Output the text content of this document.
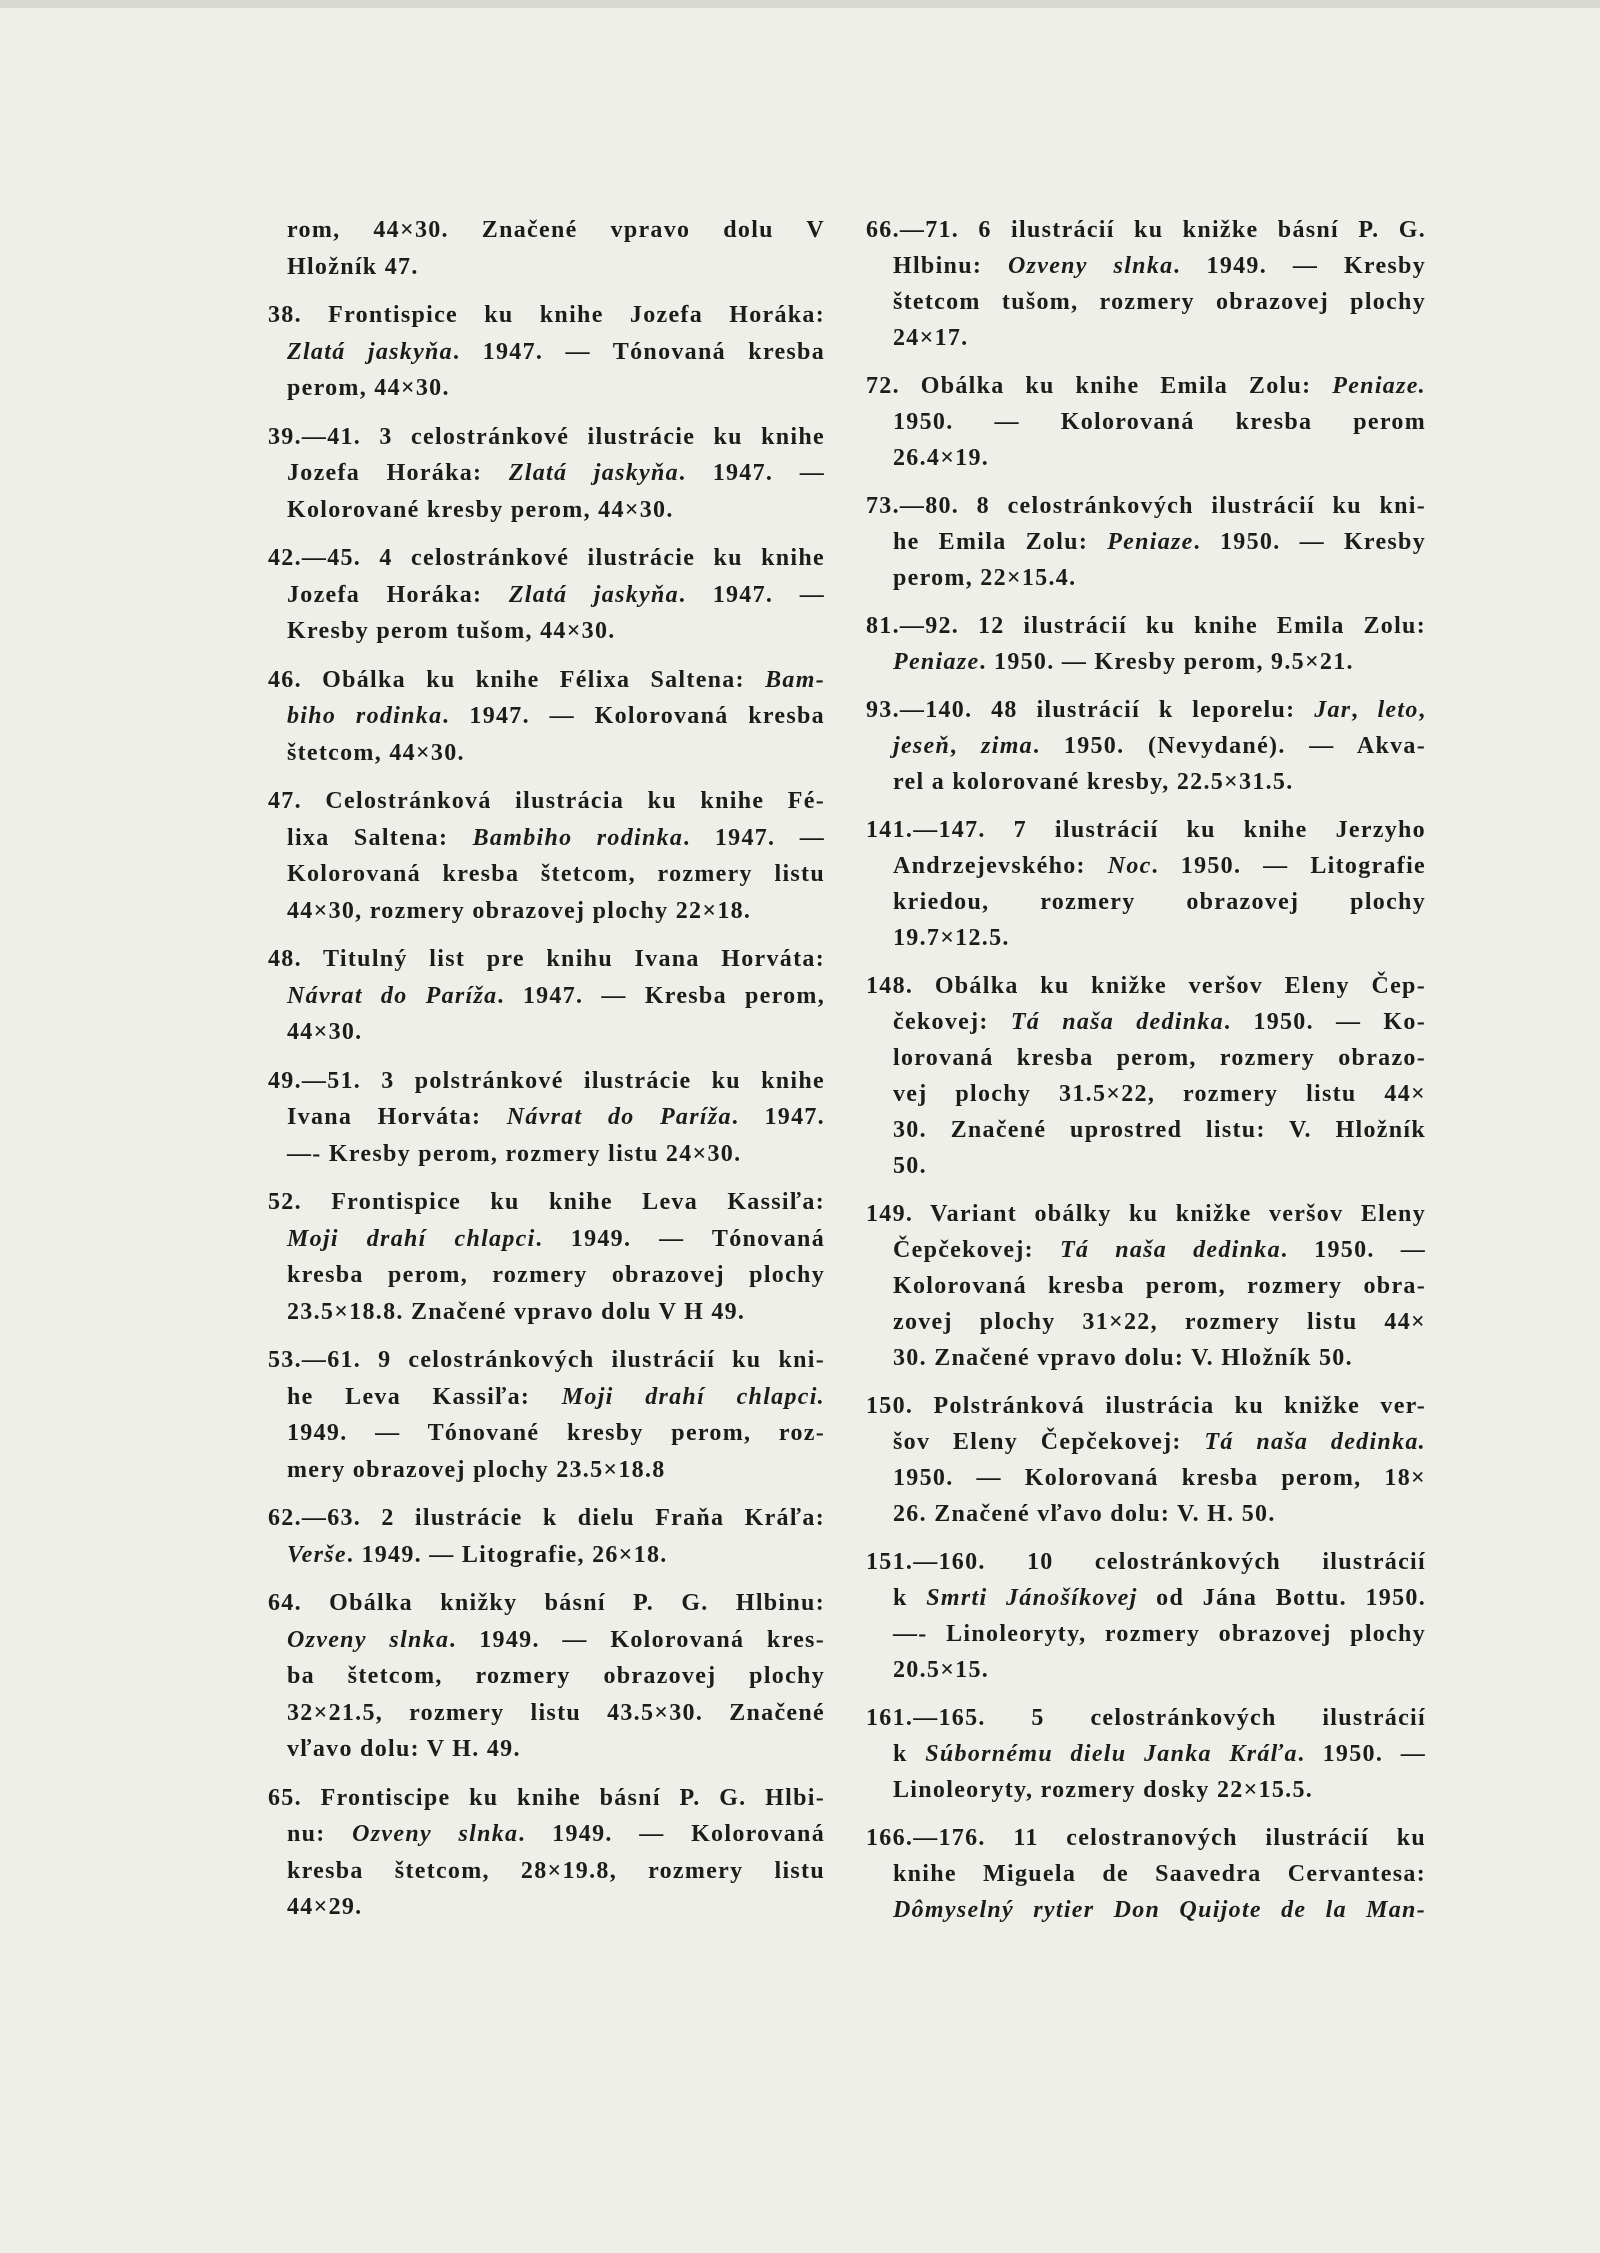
rom, 44×30. Značené vpravo dolu V
Hložník 47.
38. Frontispice ku knihe Jozefa Horáka:
Zlatá jaskyňa. 1947. — Tónovaná kresba
perom, 44×30.
39.—41. 3 celostránkové ilustrácie ku knihe
Jozefa Horáka: Zlatá jaskyňa. 1947. —
Kolorované kresby perom, 44×30.
42.—45. 4 celostránkové ilustrácie ku knihe
Jozefa Horáka: Zlatá jaskyňa. 1947. —
Kresby perom tušom, 44×30.
46. Obálka ku knihe Félixa Saltena: Bam-
biho rodinka. 1947. — Kolorovaná kresba
štetcom, 44×30.
47. Celostránková ilustrácia ku knihe Fé-
lixa Saltena: Bambiho rodinka. 1947. —
Kolorovaná kresba štetcom, rozmery listu
44×30, rozmery obrazovej plochy 22×18.
48. Titulný list pre knihu Ivana Horváta:
Návrat do Paríža. 1947. — Kresba perom,
44×30.
49.—51. 3 polstránkové ilustrácie ku knihe
Ivana Horváta: Návrat do Paríža. 1947.
—- Kresby perom, rozmery listu 24×30.
52. Frontispice ku knihe Leva Kassiľa:
Moji drahí chlapci. 1949. — Tónovaná
kresba perom, rozmery obrazovej plochy
23.5×18.8. Značené vpravo dolu V H 49.
53.—61. 9 celostránkových ilustrácií ku kni-
he Leva Kassiľa: Moji drahí chlapci.
1949. — Tónované kresby perom, roz-
mery obrazovej plochy 23.5×18.8
62.—63. 2 ilustrácie k dielu Fraňa Kráľa:
Verše. 1949. — Litografie, 26×18.
64. Obálka knižky básní P. G. Hlbinu:
Ozveny slnka. 1949. — Kolorovaná kres-
ba štetcom, rozmery obrazovej plochy
32×21.5, rozmery listu 43.5×30. Značené
vľavo dolu: V H. 49.
65. Frontiscipe ku knihe básní P. G. Hlbi-
nu: Ozveny slnka. 1949. — Kolorovaná
kresba štetcom, 28×19.8, rozmery listu
44×29.
66.—71. 6 ilustrácií ku knižke básní P. G.
Hlbinu: Ozveny slnka. 1949. — Kresby
štetcom tušom, rozmery obrazovej plochy
24×17.
72. Obálka ku knihe Emila Zolu: Peniaze.
1950. — Kolorovaná kresba perom
26.4×19.
73.—80. 8 celostránkových ilustrácií ku kni-
he Emila Zolu: Peniaze. 1950. — Kresby
perom, 22×15.4.
81.—92. 12 ilustrácií ku knihe Emila Zolu:
Peniaze. 1950. — Kresby perom, 9.5×21.
93.—140. 48 ilustrácií k leporelu: Jar, leto,
jeseň, zima. 1950. (Nevydané). — Akva-
rel a kolorované kresby, 22.5×31.5.
141.—147. 7 ilustrácií ku knihe Jerzyho
Andrzejevského: Noc. 1950. — Litografie
kriedou, rozmery obrazovej plochy
19.7×12.5.
148. Obálka ku knižke veršov Eleny Čep-
čekovej: Tá naša dedinka. 1950. — Ko-
lorovaná kresba perom, rozmery obrazo-
vej plochy 31.5×22, rozmery listu 44×
30. Značené uprostred listu: V. Hložník
50.
149. Variant obálky ku knižke veršov Eleny
Čepčekovej: Tá naša dedinka. 1950. —
Kolorovaná kresba perom, rozmery obra-
zovej plochy 31×22, rozmery listu 44×
30. Značené vpravo dolu: V. Hložník 50.
150. Polstránková ilustrácia ku knižke ver-
šov Eleny Čepčekovej: Tá naša dedinka.
1950. — Kolorovaná kresba perom, 18×
26. Značené vľavo dolu: V. H. 50.
151.—160. 10 celostránkových ilustrácií
k Smrti Jánošíkovej od Jána Bottu. 1950.
—- Linoleoryty, rozmery obrazovej plochy
20.5×15.
161.—165. 5 celostránkových ilustrácií
k Súbornému dielu Janka Kráľa. 1950. —
Linoleoryty, rozmery dosky 22×15.5.
166.—176. 11 celostranových ilustrácií ku
knihe Miguela de Saavedra Cervantesa:
Dômyselný rytier Don Quijote de la Man-
